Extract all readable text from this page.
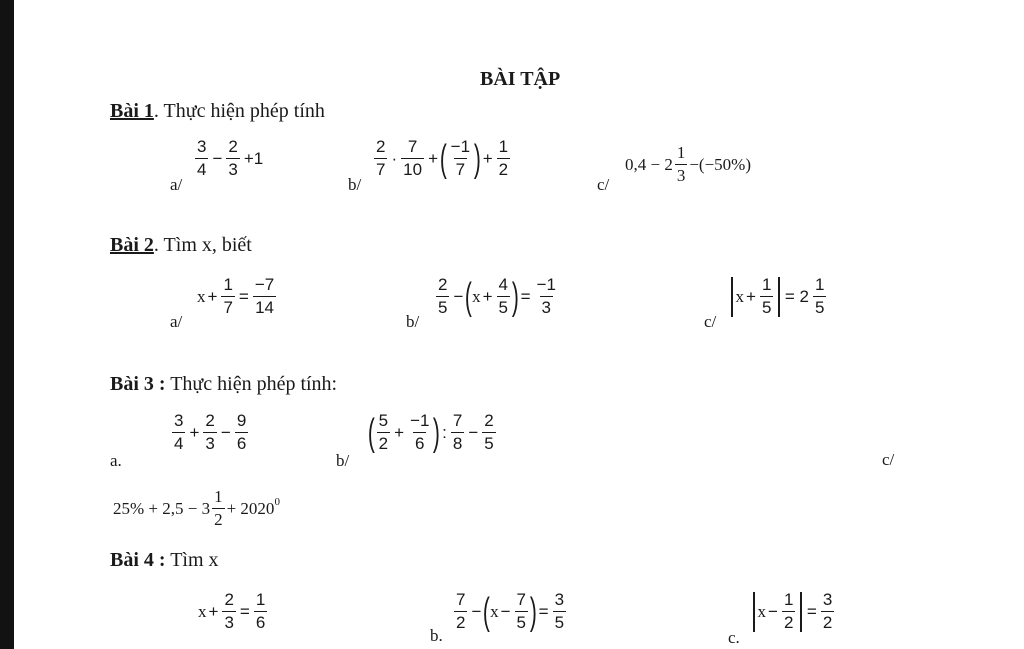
BÀI TẬP
Bài 1. Thực hiện phép tính
a/
$\frac{3}{4} - \frac{2}{3} +1$
b/
$\frac{2}{7} \cdot \frac{7}{10}$ + ( $\frac{-1}{7}$ ) + $\frac{1}{2}$
c/
$0,4 - 2 \frac{1}{3} -(-50\%)$
Bài 2. Tìm x, biết
a/
$x + \frac{1}{7} = \frac{-7}{14}$
b/
$\frac{2}{5}$ − ( $x + \frac{4}{5}$ ) = $\frac{-1}{3}$
c/
$x + \frac{1}{5} = 2 \frac{1}{5}$
Bài 3 : Thực hiện phép tính:
a.
$\frac{3}{4} + \frac{2}{3} - \frac{9}{6}$
b/
( $\frac{5}{2} + \frac{-1}{6}$ ) : $\frac{7}{8} - \frac{2}{5}$
c/
$25\% + 2,5 - 3 \frac{1}{2} + 2020$ 0
Bài 4 : Tìm x
$x + \frac{2}{3} = \frac{1}{6}$
b.
$\frac{7}{2}$ − ( $x - \frac{7}{5}$ ) = $\frac{3}{5}$
c.
$x - \frac{1}{2} = \frac{3}{2}$
